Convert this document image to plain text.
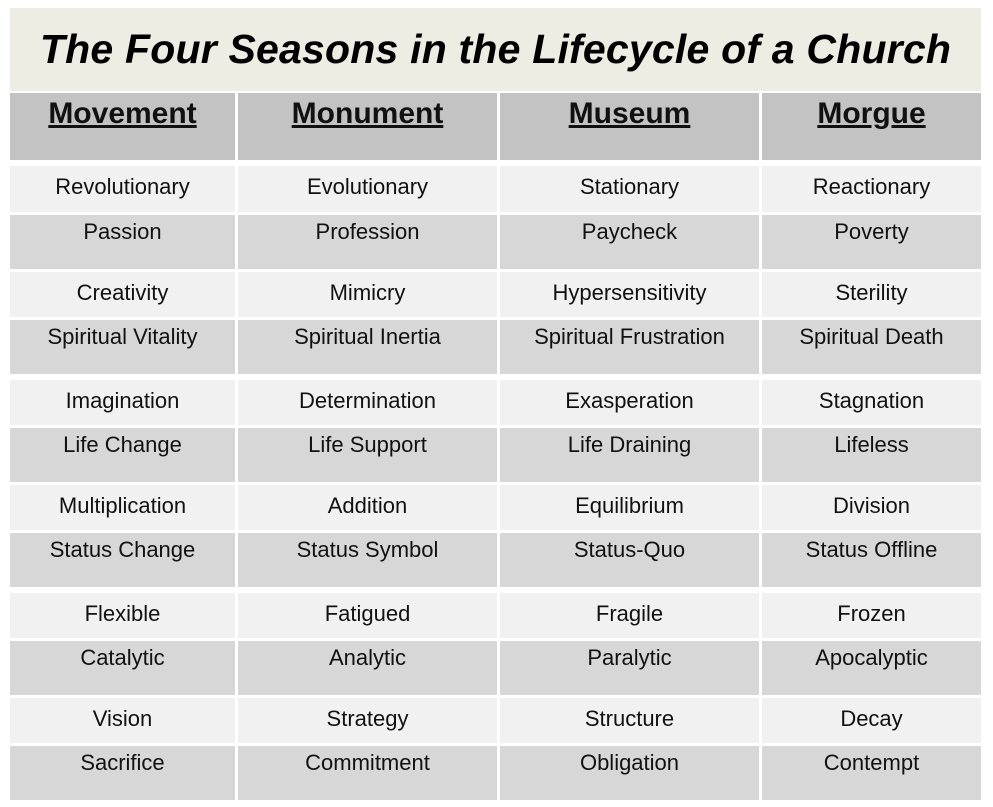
The Four Seasons in the Lifecycle of a Church
Movement	Monument	Museum	Morgue
Revolutionary	Evolutionary	Stationary	Reactionary
Passion	Profession	Paycheck	Poverty
Creativity	Mimicry	Hypersensitivity	Sterility
Spiritual Vitality	Spiritual Inertia	Spiritual Frustration	Spiritual Death
Imagination	Determination	Exasperation	Stagnation
Life Change	Life Support	Life Draining	Lifeless
Multiplication	Addition	Equilibrium	Division
Status Change	Status Symbol	Status-Quo	Status Offline
Flexible	Fatigued	Fragile	Frozen
Catalytic	Analytic	Paralytic	Apocalyptic
Vision	Strategy	Structure	Decay
Sacrifice	Commitment	Obligation	Contempt
